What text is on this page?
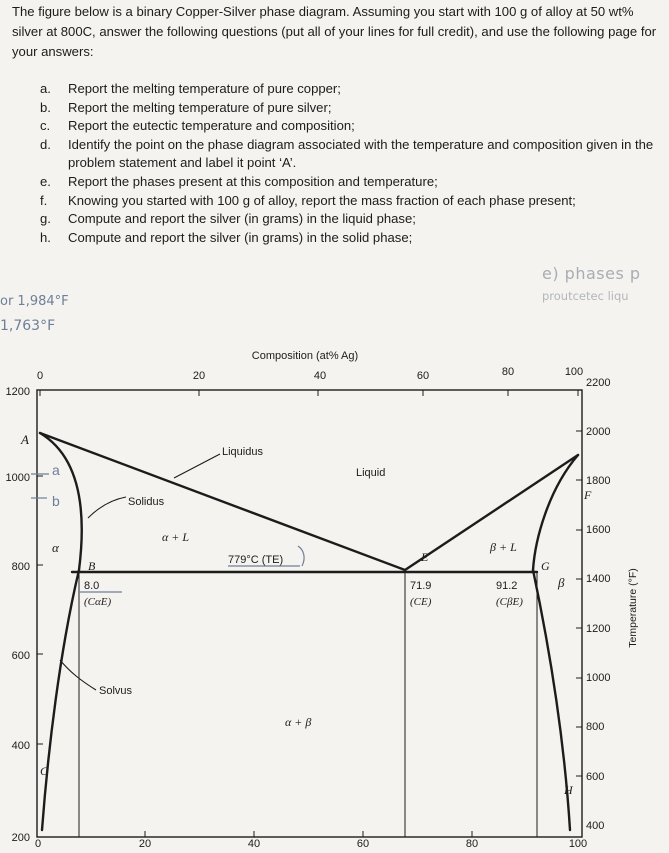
The figure below is a binary Copper-Silver phase diagram. Assuming you start with 100 g of alloy at 50 wt% silver at 800C, answer the following questions (put all of your lines for full credit), and use the following page for your answers:

a. Report the melting temperature of pure copper;
b. Report the melting temperature of pure silver;
c. Report the eutectic temperature and composition;
d. Identify the point on the phase diagram associated with the temperature and composition given in the problem statement and label it point ‘A’.
e. Report the phases present at this composition and temperature;
f. Knowing you started with 100 g of alloy, report the mass fraction of each phase present;
g. Compute and report the silver (in grams) in the liquid phase;
h. Compute and report the silver (in grams) in the solid phase;
or 1,984°F
1,763°F
e) phases p
proutcetec liqu
Composition (at% Ag)
0	20	40	60	80	100
0	20	40	60	80	100
1200
1000
800
600
400
200
2200
2000
1800
1600
1400
1200
1000
800
600
400
Temperature (°F)
a
b
A
B
C
E
F
G
H
Liquidus
Liquid
Solidus
Solvus
α
α + L
β + L
β
α + β
779°C (TE)
8.0
(CαE)
71.9
(CE)
91.2
(CβE)
